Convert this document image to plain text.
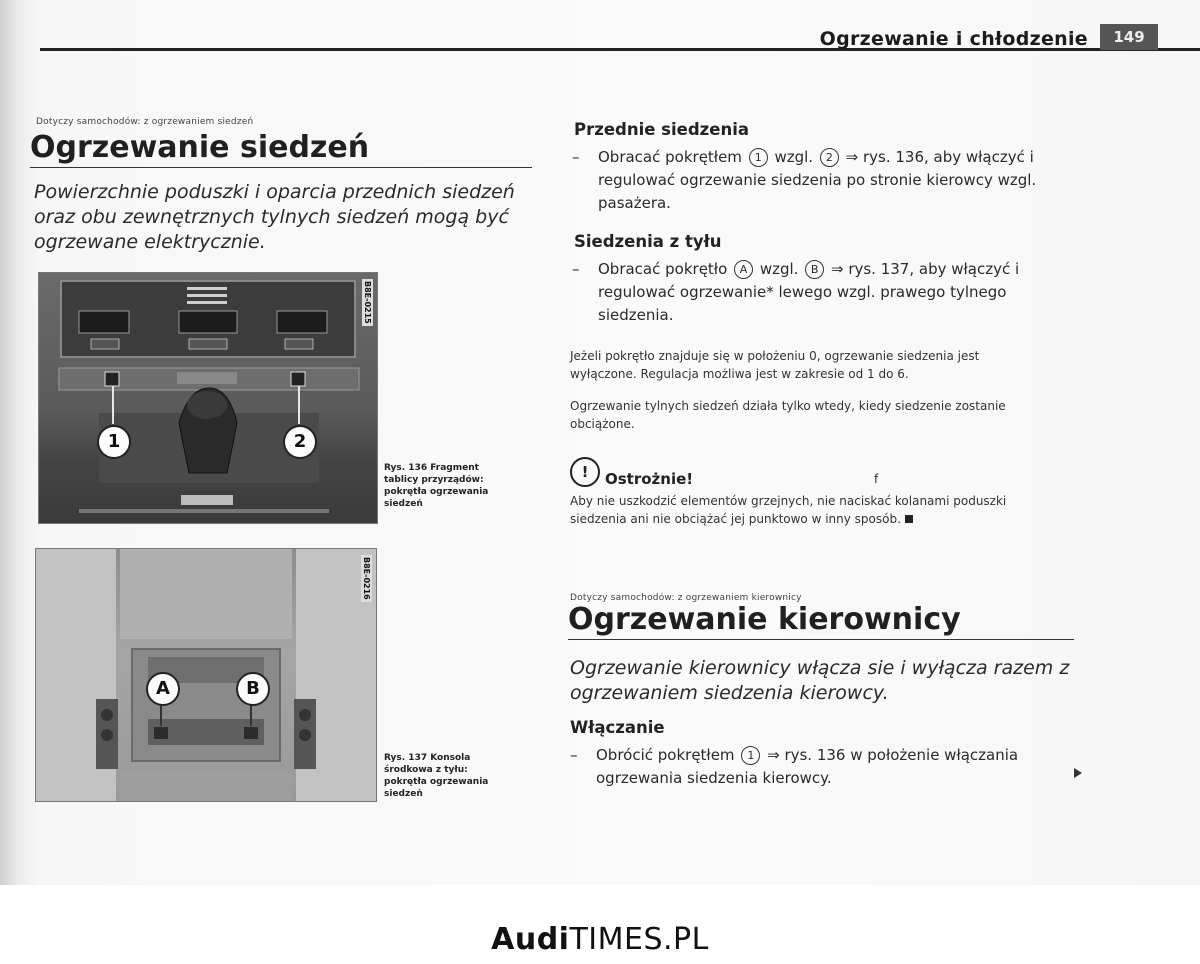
Ogrzewanie i chłodzenie	149
Dotyczy samochodów: z ogrzewaniem siedzeń
Ogrzewanie siedzeń
Powierzchnie poduszki i oparcia przednich siedzeń oraz obu zewnętrznych tylnych siedzeń mogą być ogrzewane elektrycznie.
1	2
B8E-0215
Rys. 136 Fragment tablicy przyrządów: pokrętła ogrzewania siedzeń
A	B
B8E-0216
Rys. 137 Konsola środkowa z tyłu: pokrętła ogrzewania siedzeń
Przednie siedzenia
– Obracać pokrętłem 1 wzgl. 2 ⇒ rys. 136, aby włączyć i regulować ogrzewanie siedzenia po stronie kierowcy wzgl. pasażera.
Siedzenia z tyłu
– Obracać pokrętło A wzgl. B ⇒ rys. 137, aby włączyć i regulować ogrzewanie* lewego wzgl. prawego tylnego siedzenia.
Jeżeli pokrętło znajduje się w położeniu 0, ogrzewanie siedzenia jest wyłączone. Regulacja możliwa jest w zakresie od 1 do 6.
Ogrzewanie tylnych siedzeń działa tylko wtedy, kiedy siedzenie zostanie obciążone.
!	Ostrożnie!	f
Aby nie uszkodzić elementów grzejnych, nie naciskać kolanami poduszki siedzenia ani nie obciążać jej punktowo w inny sposób.
Dotyczy samochodów: z ogrzewaniem kierownicy
Ogrzewanie kierownicy
Ogrzewanie kierownicy włącza sie i wyłącza razem z ogrzewaniem siedzenia kierowcy.
Włączanie
– Obrócić pokrętłem 1 ⇒ rys. 136 w położenie włączania ogrzewania siedzenia kierowcy.
AudiTIMES.PL
